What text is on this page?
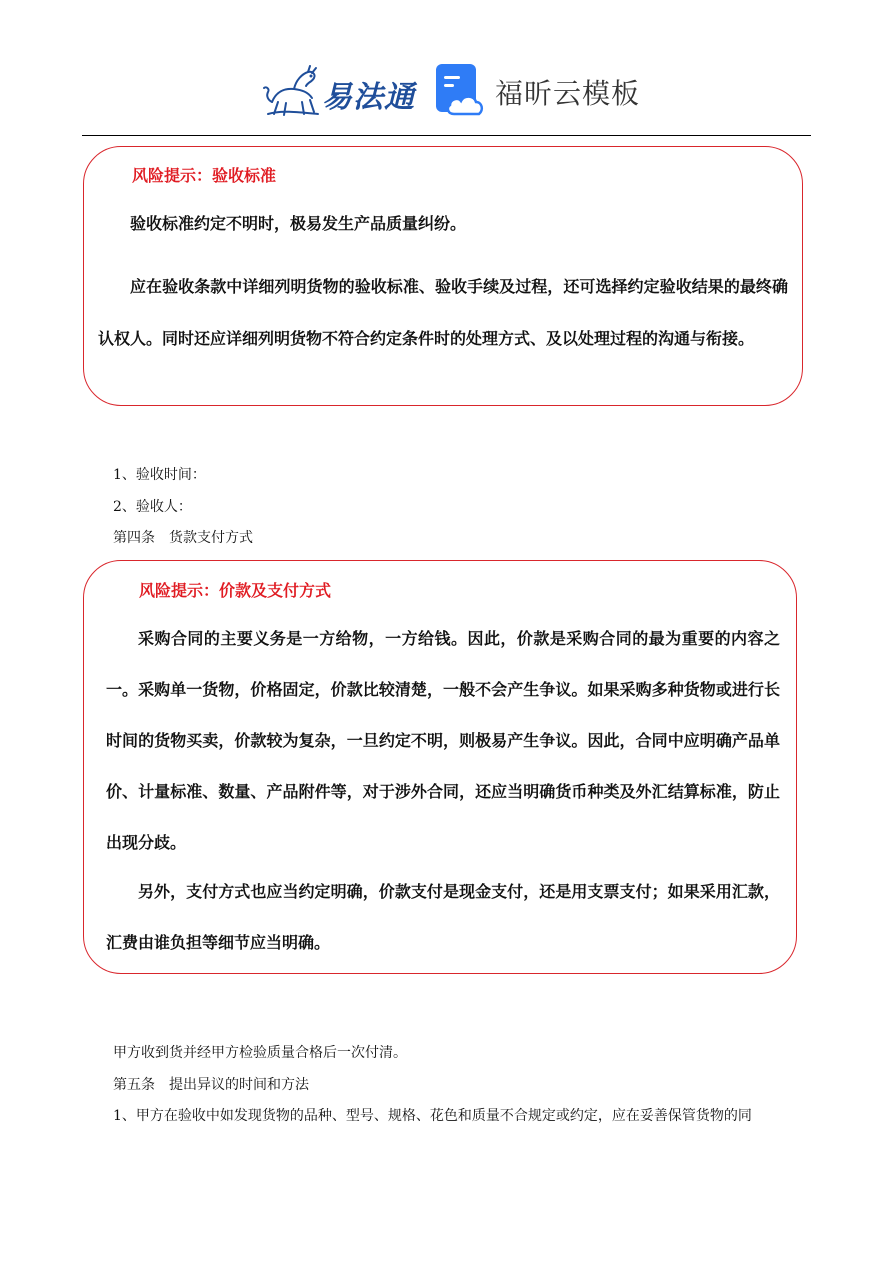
易法通	福昕云模板
风险提示：验收标准

验收标准约定不明时，极易发生产品质量纠纷。

应在验收条款中详细列明货物的验收标准、验收手续及过程，还可选择约定验收结果的最终确认权人。同时还应详细列明货物不符合约定条件时的处理方式、及以处理过程的沟通与衔接。

1、验收时间：
2、验收人：
第四条　货款支付方式
风险提示：价款及支付方式

采购合同的主要义务是一方给物，一方给钱。因此，价款是采购合同的最为重要的内容之一。采购单一货物，价格固定，价款比较清楚，一般不会产生争议。如果采购多种货物或进行长时间的货物买卖，价款较为复杂，一旦约定不明，则极易产生争议。因此，合同中应明确产品单价、计量标准、数量、产品附件等，对于涉外合同，还应当明确货币种类及外汇结算标准，防止出现分歧。

另外，支付方式也应当约定明确，价款支付是现金支付，还是用支票支付；如果采用汇款，汇费由谁负担等细节应当明确。

甲方收到货并经甲方检验质量合格后一次付清。
第五条　提出异议的时间和方法
1、甲方在验收中如发现货物的品种、型号、规格、花色和质量不合规定或约定，应在妥善保管货物的同
